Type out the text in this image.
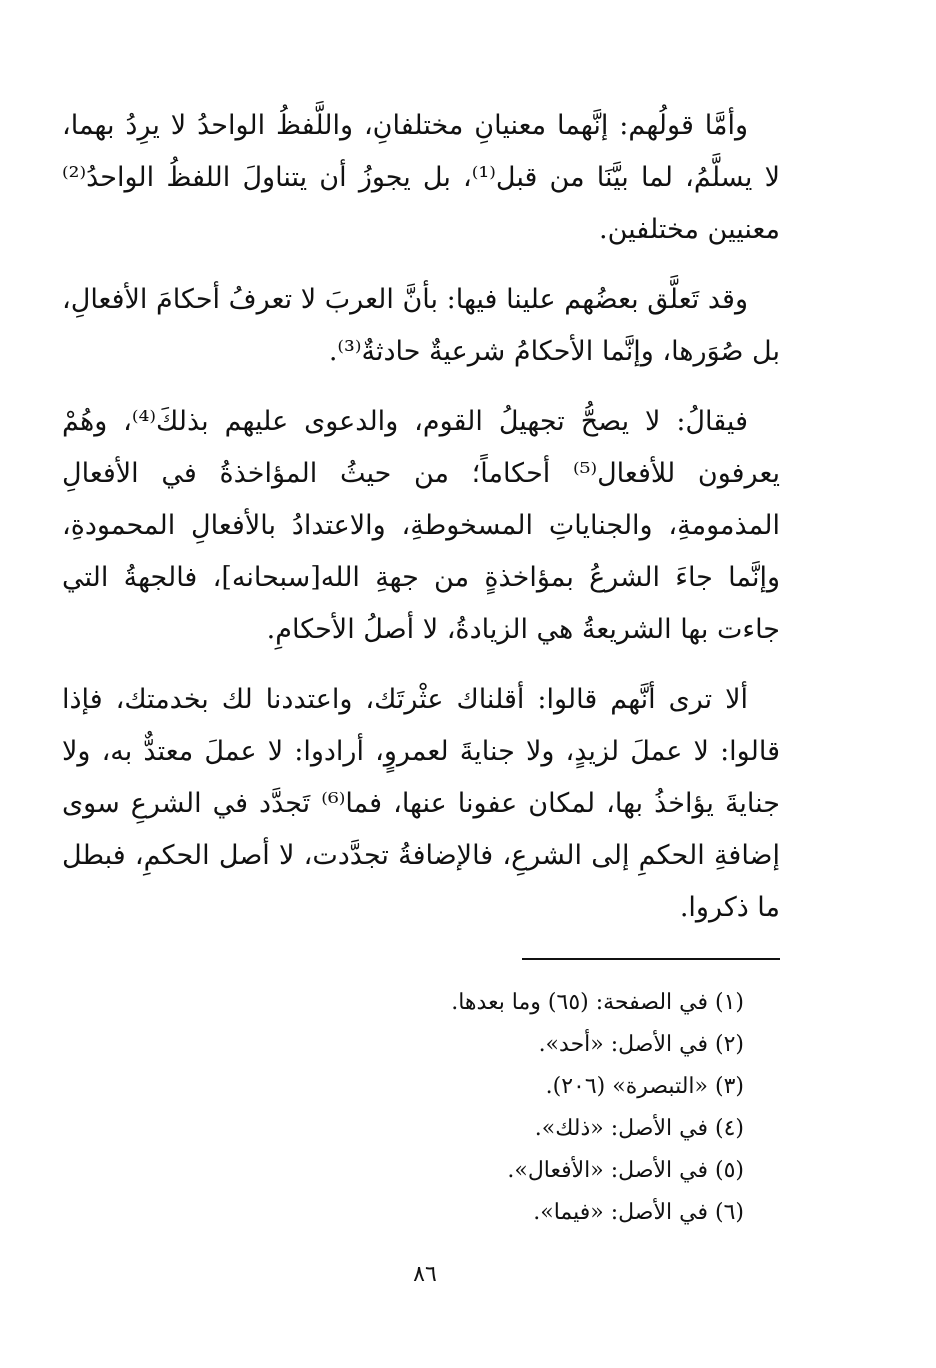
وأمَّا قولُهم: إنَّهما معنيانِ مختلفانِ، واللَّفظُ الواحدُ لا يرِدُ بهما، لا يسلَّمُ، لما بيَّنَا من قبل⁽¹⁾، بل يجوزُ أن يتناولَ اللفظُ الواحدُ⁽²⁾ معنيين مختلفين.

وقد تَعلَّق بعضُهم علينا فيها: بأنَّ العربَ لا تعرفُ أحكامَ الأفعالِ، بل صُوَرها، وإنَّما الأحكامُ شرعيةٌ حادثةٌ⁽³⁾.

فيقالُ: لا يصحُّ تجهيلُ القوم، والدعوى عليهم بذلكَ⁽⁴⁾، وهُمْ يعرفون للأفعال⁽⁵⁾ أحكاماً؛ من حيثُ المؤاخذةُ في الأفعالِ المذمومةِ، والجناياتِ المسخوطةِ، والاعتدادُ بالأفعالِ المحمودةِ، وإنَّما جاءَ الشرعُ بمؤاخذةٍ من جهةِ الله[سبحانه]، فالجهةُ التي جاءت بها الشريعةُ هي الزيادةُ، لا أصلُ الأحكامِ.

ألا ترى أنَّهم قالوا: أقلناك عثْرتَك، واعتددنا لك بخدمتك، فإذا قالوا: لا عملَ لزيدٍ، ولا جنايةَ لعمروٍ، أرادوا: لا عملَ معتدٌّ به، ولا جنايةَ يؤاخذُ بها، لمكان عفونا عنها، فما⁽⁶⁾ تَجدَّد في الشرعِ سوى إضافةِ الحكمِ إلى الشرعِ، فالإضافةُ تجدَّدت، لا أصل الحكمِ، فبطل ما ذكروا.

(١) في الصفحة: (٦٥) وما بعدها.
(٢) في الأصل: «أحد».
(٣) «التبصرة» (٢٠٦).
(٤) في الأصل: «ذلك».
(٥) في الأصل: «الأفعال».
(٦) في الأصل: «فيما».
٨٦
